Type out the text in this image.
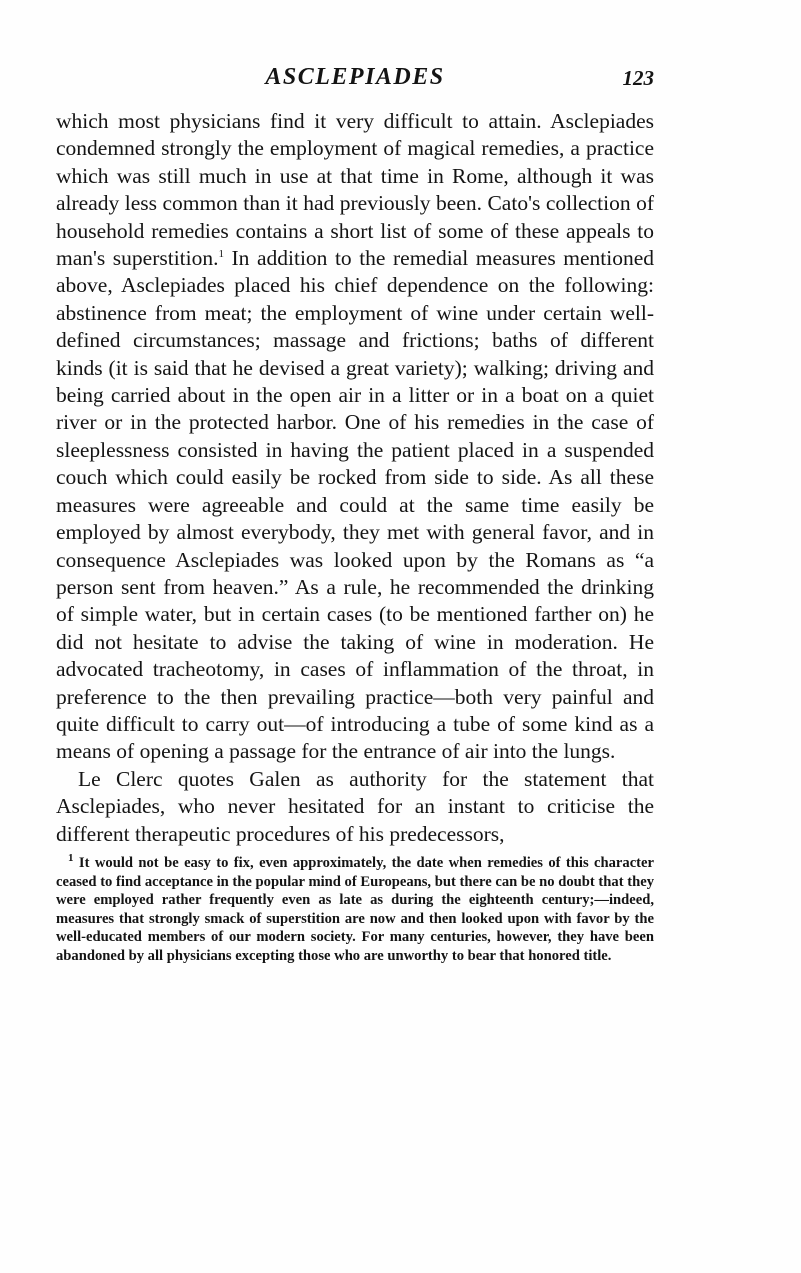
ASCLEPIADES	123

which most physicians find it very difficult to attain. Asclepiades condemned strongly the employment of magical remedies, a practice which was still much in use at that time in Rome, although it was already less common than it had previously been. Cato's collection of household remedies contains a short list of some of these appeals to man's superstition.$^1$ In addition to the remedial measures mentioned above, Asclepiades placed his chief dependence on the following: abstinence from meat; the employment of wine under certain well-defined circumstances; massage and frictions; baths of different kinds (it is said that he devised a great variety); walking; driving and being carried about in the open air in a litter or in a boat on a quiet river or in the protected harbor. One of his remedies in the case of sleeplessness consisted in having the patient placed in a suspended couch which could easily be rocked from side to side. As all these measures were agreeable and could at the same time easily be employed by almost everybody, they met with general favor, and in consequence Asclepiades was looked upon by the Romans as “a person sent from heaven.” As a rule, he recommended the drinking of simple water, but in certain cases (to be mentioned farther on) he did not hesitate to advise the taking of wine in moderation. He advocated tracheotomy, in cases of inflammation of the throat, in preference to the then prevailing practice—both very painful and quite difficult to carry out—of introducing a tube of some kind as a means of opening a passage for the entrance of air into the lungs.

Le Clerc quotes Galen as authority for the statement that Asclepiades, who never hesitated for an instant to criticise the different therapeutic procedures of his predecessors,

$^1$ It would not be easy to fix, even approximately, the date when remedies of this character ceased to find acceptance in the popular mind of Europeans, but there can be no doubt that they were employed rather frequently even as late as during the eighteenth century;—indeed, measures that strongly smack of superstition are now and then looked upon with favor by the well-educated members of our modern society. For many centuries, however, they have been abandoned by all physicians excepting those who are unworthy to bear that honored title.
